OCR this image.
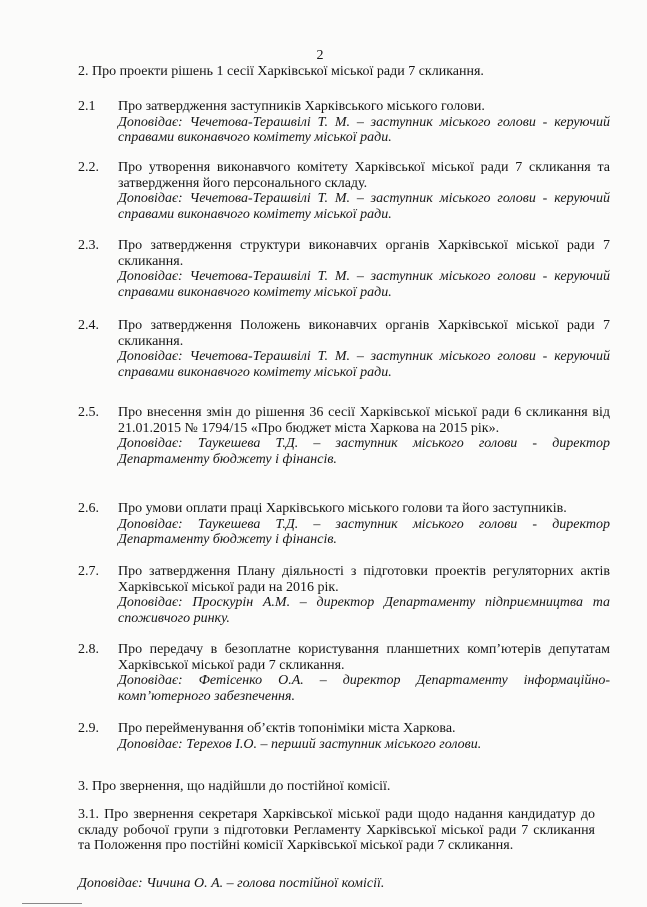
2
2. Про проекти рішень 1 сесії Харківської міської ради 7 скликання.
2.1	Про затвердження заступників Харківського міського голови.
Доповідає: Чечетова-Терашвілі Т. М. – заступник міського голови - керуючий справами виконавчого комітету міської ради.
2.2.	Про утворення виконавчого комітету Харківської міської ради 7 скликання та затвердження його персонального складу.
Доповідає: Чечетова-Терашвілі Т. М. – заступник міського голови - керуючий справами виконавчого комітету міської ради.
2.3.	Про затвердження структури виконавчих органів Харківської міської ради 7 скликання.
Доповідає: Чечетова-Терашвілі Т. М. – заступник міського голови - керуючий справами виконавчого комітету міської ради.
2.4.	Про затвердження Положень виконавчих органів Харківської міської ради 7 скликання.
Доповідає: Чечетова-Терашвілі Т. М. – заступник міського голови - керуючий справами виконавчого комітету міської ради.
2.5.	Про внесення змін до рішення 36 сесії Харківської міської ради 6 скликання від 21.01.2015 № 1794/15 «Про бюджет міста Харкова на 2015 рік».
Доповідає: Таукешева Т.Д. – заступник міського голови - директор Департаменту бюджету і фінансів.
2.6.	Про умови оплати праці Харківського міського голови та його заступників.
Доповідає: Таукешева Т.Д. – заступник міського голови - директор Департаменту бюджету і фінансів.
2.7.	Про затвердження Плану діяльності з підготовки проектів регуляторних актів Харківської міської ради на 2016 рік.
Доповідає: Проскурін А.М. – директор Департаменту підприємництва та споживчого ринку.
2.8.	Про передачу в безоплатне користування планшетних комп’ютерів депутатам Харківської міської ради 7 скликання.
Доповідає: Фетісенко О.А. – директор Департаменту інформаційно-комп’ютерного забезпечення.
2.9.	Про перейменування об’єктів топоніміки міста Харкова.
Доповідає: Терехов І.О. – перший заступник міського голови.
3. Про звернення, що надійшли до постійної комісії.
3.1. Про звернення секретаря Харківської міської ради щодо надання кандидатур до складу робочої групи з підготовки Регламенту Харківської міської ради 7 скликання та Положення про постійні комісії Харківської міської ради 7 скликання.
Доповідає: Чичина О. А. – голова постійної комісії.
